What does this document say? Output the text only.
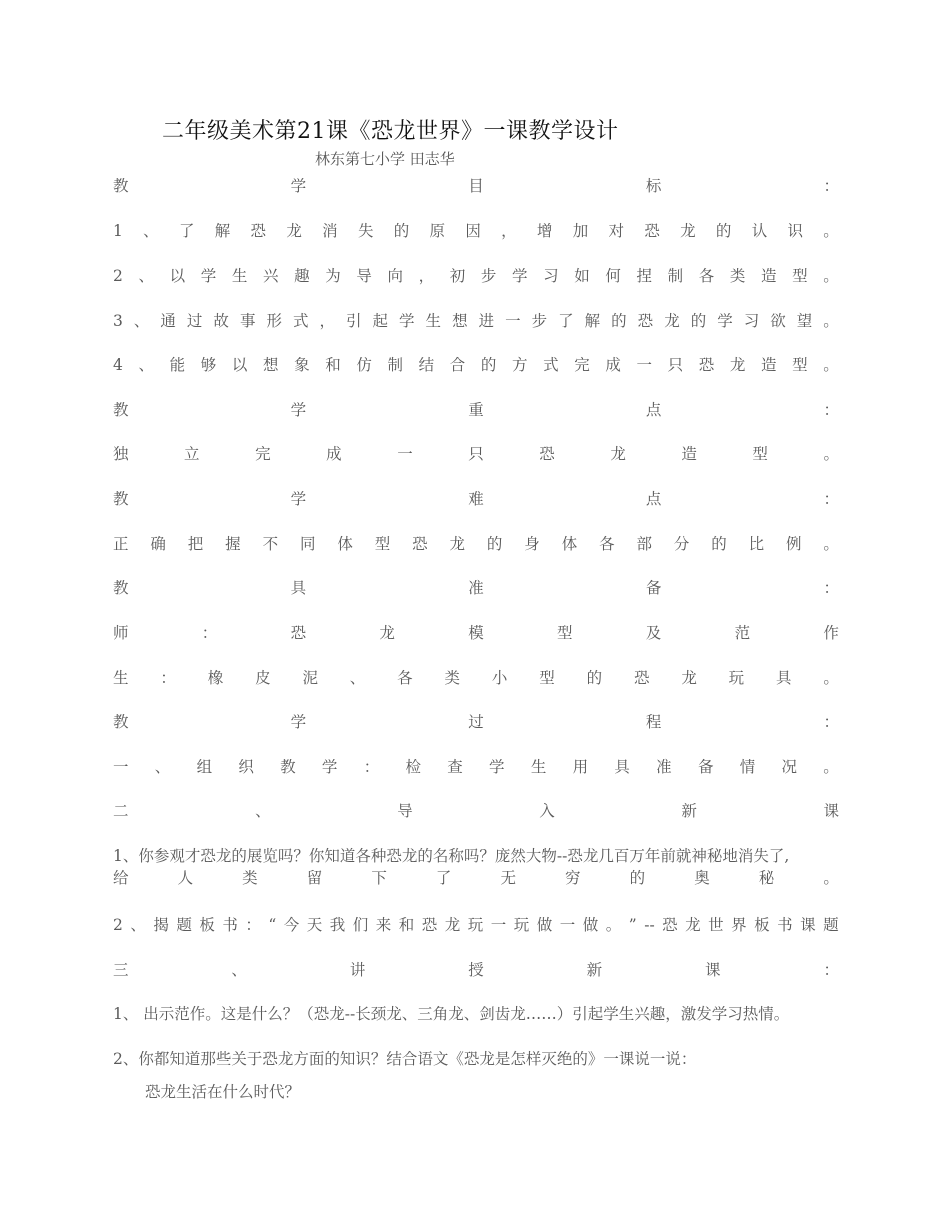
二年级美术第21课《恐龙世界》一课教学设计
林东第七小学 田志华
教	学	目	标	：
1 、 了 解 恐 龙 消 失 的 原 因 ， 增 加 对 恐 龙 的 认 识 。
2 、 以 学 生 兴 趣 为 导 向 ， 初 步 学 习 如 何 捏 制 各 类 造 型 。
3 、 通 过 故 事 形 式 ， 引 起 学 生 想 进 一 步 了 解 的 恐 龙 的 学 习 欲 望 。
4 、 能 够 以 想 象 和 仿 制 结 合 的 方 式 完 成 一 只 恐 龙 造 型 。
教	学	重	点	：
独	立	完	成	一	只	恐	龙	造	型	。
教	学	难	点	：
正 确 把 握 不 同 体 型 恐 龙 的 身 体 各 部 分 的 比 例 。
教	具	准	备	：
师	：	恐	龙	模	型	及	范	作
生 ： 橡 皮 泥 、 各 类 小 型 的 恐 龙 玩 具 。
教	学	过	程	：
一 、 组 织 教 学 ： 检 查 学 生 用 具 准 备 情 况 。
二	、	导	入	新	课
1、你参观才恐龙的展览吗？你知道各种恐龙的名称吗？庞然大物--恐龙几百万年前就神秘地消失了,
给	人	类	留	下	了	无	穷	的	奥	秘	。
2 、 揭 题 板 书 ： “ 今 天 我 们 来 和 恐 龙 玩 一 玩 做 一 做 。 ” -- 恐 龙 世 界 板 书 课 题
三	、	讲	授	新	课	：
1、 出示范作。这是什么？（恐龙--长颈龙、三角龙、剑齿龙……）引起学生兴趣，激发学习热情。
2、你都知道那些关于恐龙方面的知识？结合语文《恐龙是怎样灭绝的》一课说一说：
恐龙生活在什么时代？
